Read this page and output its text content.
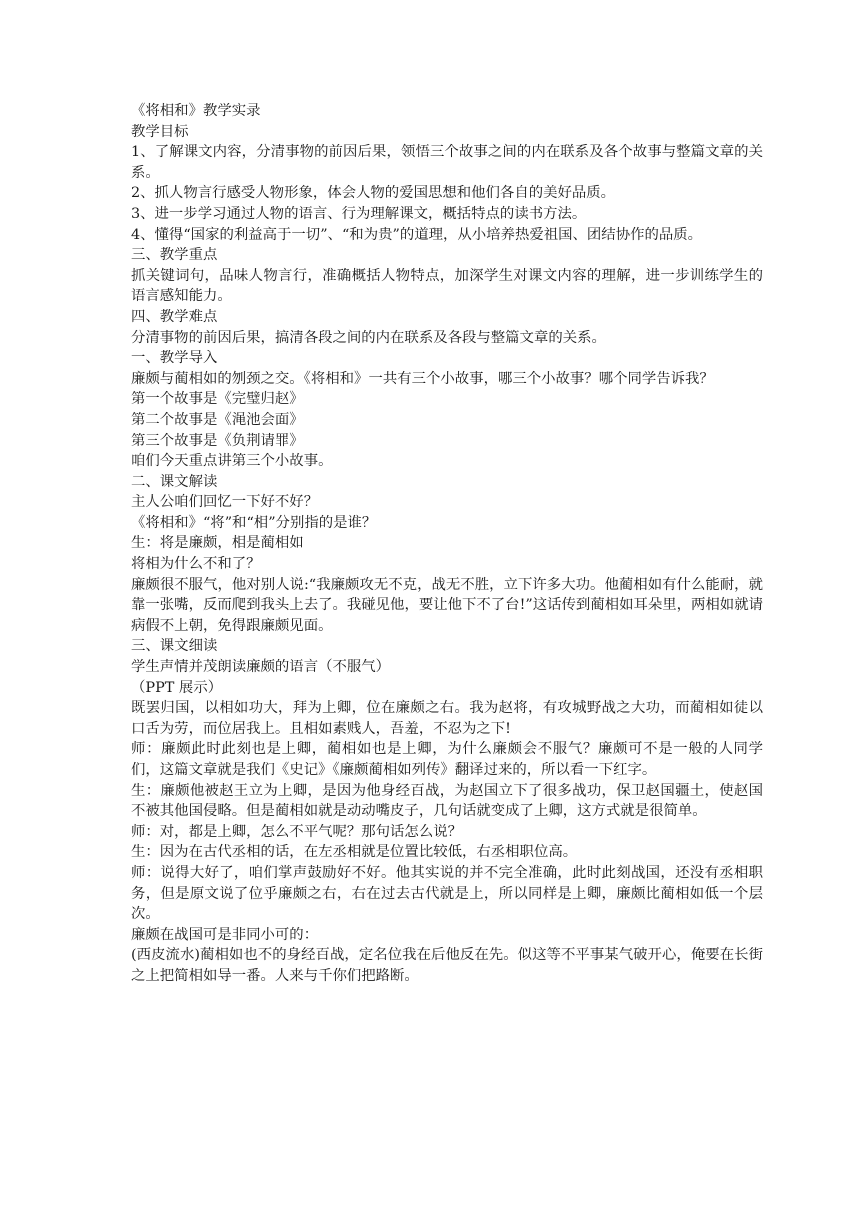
《将相和》教学实录
教学目标
1、了解课文内容，分清事物的前因后果，领悟三个故事之间的内在联系及各个故事与整篇文章的关系。
2、抓人物言行感受人物形象，体会人物的爱国思想和他们各自的美好品质。
3、进一步学习通过人物的语言、行为理解课文，概括特点的读书方法。
4、懂得“国家的利益高于一切”、“和为贵”的道理，从小培养热爱祖国、团结协作的品质。
三、教学重点
抓关键词句，品味人物言行，准确概括人物特点，加深学生对课文内容的理解，进一步训练学生的语言感知能力。
四、教学难点
分清事物的前因后果，搞清各段之间的内在联系及各段与整篇文章的关系。
一、教学导入
廉颇与蔺相如的刎颈之交。《将相和》一共有三个小故事，哪三个小故事？哪个同学告诉我？
第一个故事是《完璧归赵》
第二个故事是《渑池会面》
第三个故事是《负荆请罪》
咱们今天重点讲第三个小故事。
二、课文解读
主人公咱们回忆一下好不好？
《将相和》“将”和“相”分别指的是谁？
生：将是廉颇，相是蔺相如
将相为什么不和了？
廉颇很不服气，他对别人说:“我廉颇攻无不克，战无不胜，立下许多大功。他蔺相如有什么能耐，就靠一张嘴，反而爬到我头上去了。我碰见他，要让他下不了台!”这话传到蔺相如耳朵里，两相如就请病假不上朝，免得跟廉颇见面。
三、课文细读
学生声情并茂朗读廉颇的语言（不服气）
（PPT 展示）
既罢归国，以相如功大，拜为上卿，位在廉颇之右。我为赵将，有攻城野战之大功，而蔺相如徒以口舌为劳，而位居我上。且相如素贱人，吾羞，不忍为之下!
师：廉颇此时此刻也是上卿，蔺相如也是上卿，为什么廉颇会不服气？廉颇可不是一般的人同学们，这篇文章就是我们《史记》《廉颇蔺相如列传》翻译过来的，所以看一下红字。
生：廉颇他被赵王立为上卿，是因为他身经百战，为赵国立下了很多战功，保卫赵国疆土，使赵国不被其他国侵略。但是蔺相如就是动动嘴皮子，几句话就变成了上卿，这方式就是很简单。
师：对，都是上卿，怎么不平气呢？那句话怎么说？
生：因为在古代丞相的话，在左丞相就是位置比较低，右丞相职位高。
师：说得大好了，咱们掌声鼓励好不好。他其实说的并不完全准确，此时此刻战国，还没有丞相职务，但是原文说了位乎廉颇之右，右在过去古代就是上，所以同样是上卿，廉颇比蔺相如低一个层次。
廉颇在战国可是非同小可的：
(西皮流水)蔺相如也不的身经百战，定名位我在后他反在先。似这等不平事某气破开心，俺要在长街之上把简相如导一番。人来与千你们把路断。
